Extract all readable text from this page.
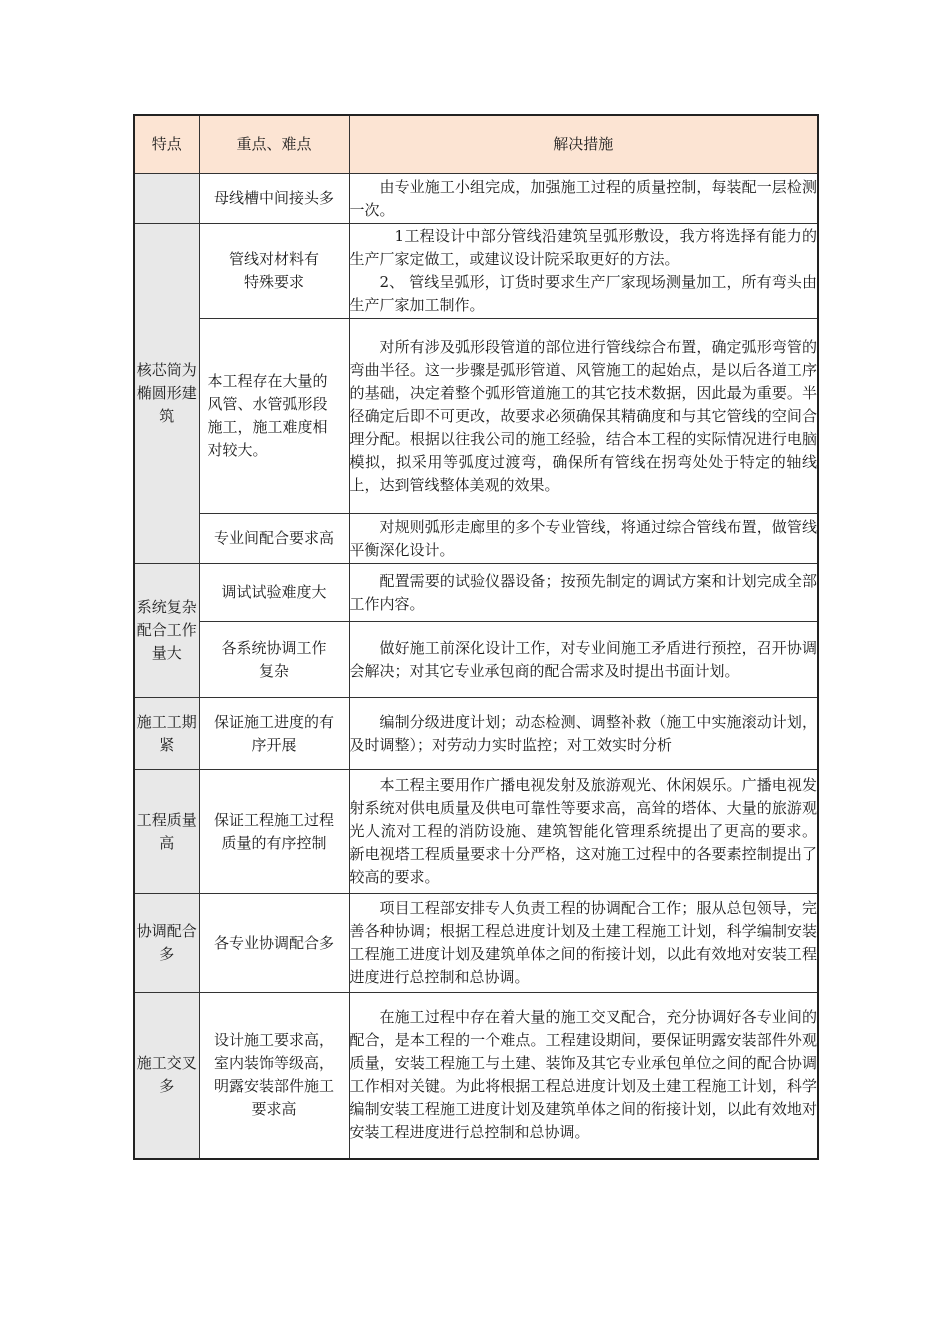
特点	重点、难点	解决措施
	母线槽中间接头多	由专业施工小组完成，加强施工过程的质量控制，每装配一层检测一次。

核芯筒为椭圆形建筑	管线对材料有特殊要求	1工程设计中部分管线沿建筑呈弧形敷设，我方将选择有能力的生产厂家定做工，或建议设计院采取更好的方法。

2、 管线呈弧形，订货时要求生产厂家现场测量加工，所有弯头由生产厂家加工制作。

	本工程存在大量的风管、水管弧形段施工，施工难度相对较大。	对所有涉及弧形段管道的部位进行管线综合布置，确定弧形弯管的弯曲半径。这一步骤是弧形管道、风管施工的起始点，是以后各道工序的基础，决定着整个弧形管道施工的其它技术数据，因此最为重要。半径确定后即不可更改，故要求必须确保其精确度和与其它管线的空间合理分配。根据以往我公司的施工经验，结合本工程的实际情况进行电脑模拟，拟采用等弧度过渡弯，确保所有管线在拐弯处处于特定的轴线上，达到管线整体美观的效果。

	专业间配合要求高	对规则弧形走廊里的多个专业管线，将通过综合管线布置，做管线平衡深化设计。

系统复杂配合工作量大	调试试验难度大	配置需要的试验仪器设备；按预先制定的调试方案和计划完成全部工作内容。

	各系统协调工作复杂	做好施工前深化设计工作，对专业间施工矛盾进行预控，召开协调会解决；对其它专业承包商的配合需求及时提出书面计划。

施工工期紧	保证施工进度的有序开展	编制分级进度计划；动态检测、调整补救（施工中实施滚动计划，及时调整）；对劳动力实时监控；对工效实时分析

工程质量高	保证工程施工过程质量的有序控制	本工程主要用作广播电视发射及旅游观光、休闲娱乐。广播电视发射系统对供电质量及供电可靠性等要求高，高耸的塔体、大量的旅游观光人流对工程的消防设施、建筑智能化管理系统提出了更高的要求。 新电视塔工程质量要求十分严格，这对施工过程中的各要素控制提出了较高的要求。

协调配合多	各专业协调配合多	项目工程部安排专人负责工程的协调配合工作；服从总包领导，完善各种协调；根据工程总进度计划及土建工程施工计划，科学编制安装工程施工进度计划及建筑单体之间的衔接计划，以此有效地对安装工程进度进行总控制和总协调。

施工交叉多	设计施工要求高，室内装饰等级高，明露安装部件施工要求高	在施工过程中存在着大量的施工交叉配合，充分协调好各专业间的配合，是本工程的一个难点。工程建设期间，要保证明露安装部件外观质量，安装工程施工与土建、装饰及其它专业承包单位之间的配合协调工作相对关键。为此将根据工程总进度计划及土建工程施工计划，科学编制安装工程施工进度计划及建筑单体之间的衔接计划，以此有效地对安装工程进度进行总控制和总协调。
